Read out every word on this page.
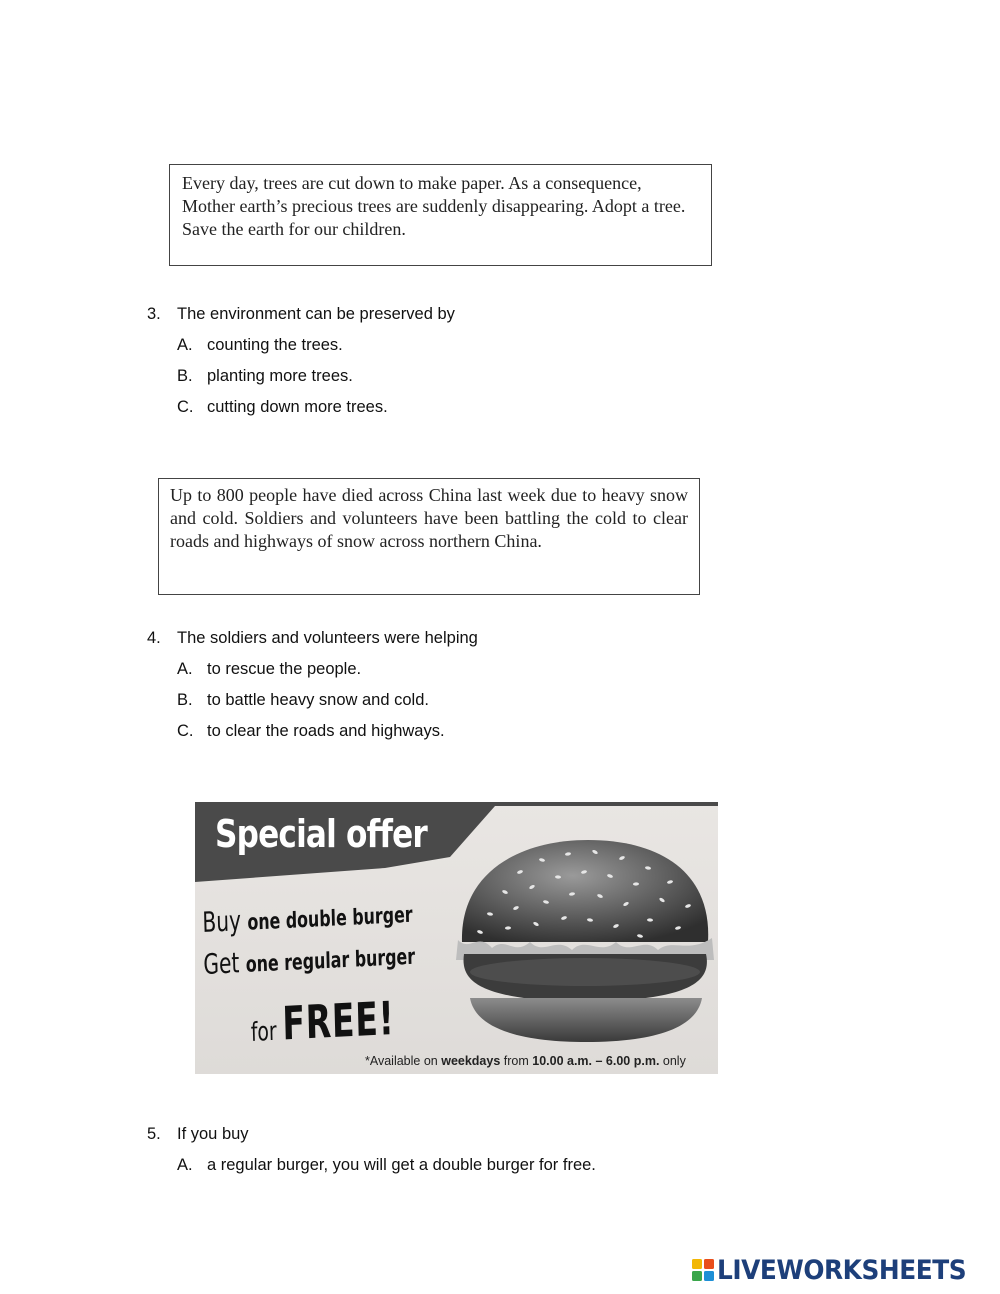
Every day, trees are cut down to make paper. As a consequence, Mother earth’s precious trees are suddenly disappearing. Adopt a tree. Save the earth for our children.
3. The environment can be preserved by
A. counting the trees.
B. planting more trees.
C. cutting down more trees.
Up to 800 people have died across China last week due to heavy snow and cold. Soldiers and volunteers have been battling the cold to clear roads and highways of snow across northern China.
4. The soldiers and volunteers were helping
A. to rescue the people.
B. to battle heavy snow and cold.
C. to clear the roads and highways.
Special offer
Buy one double burger
Get one regular burger
for FREE!
*Available on weekdays from 10.00 a.m. – 6.00 p.m. only
5. If you buy
A. a regular burger, you will get a double burger for free.
LIVEWORKSHEETS
